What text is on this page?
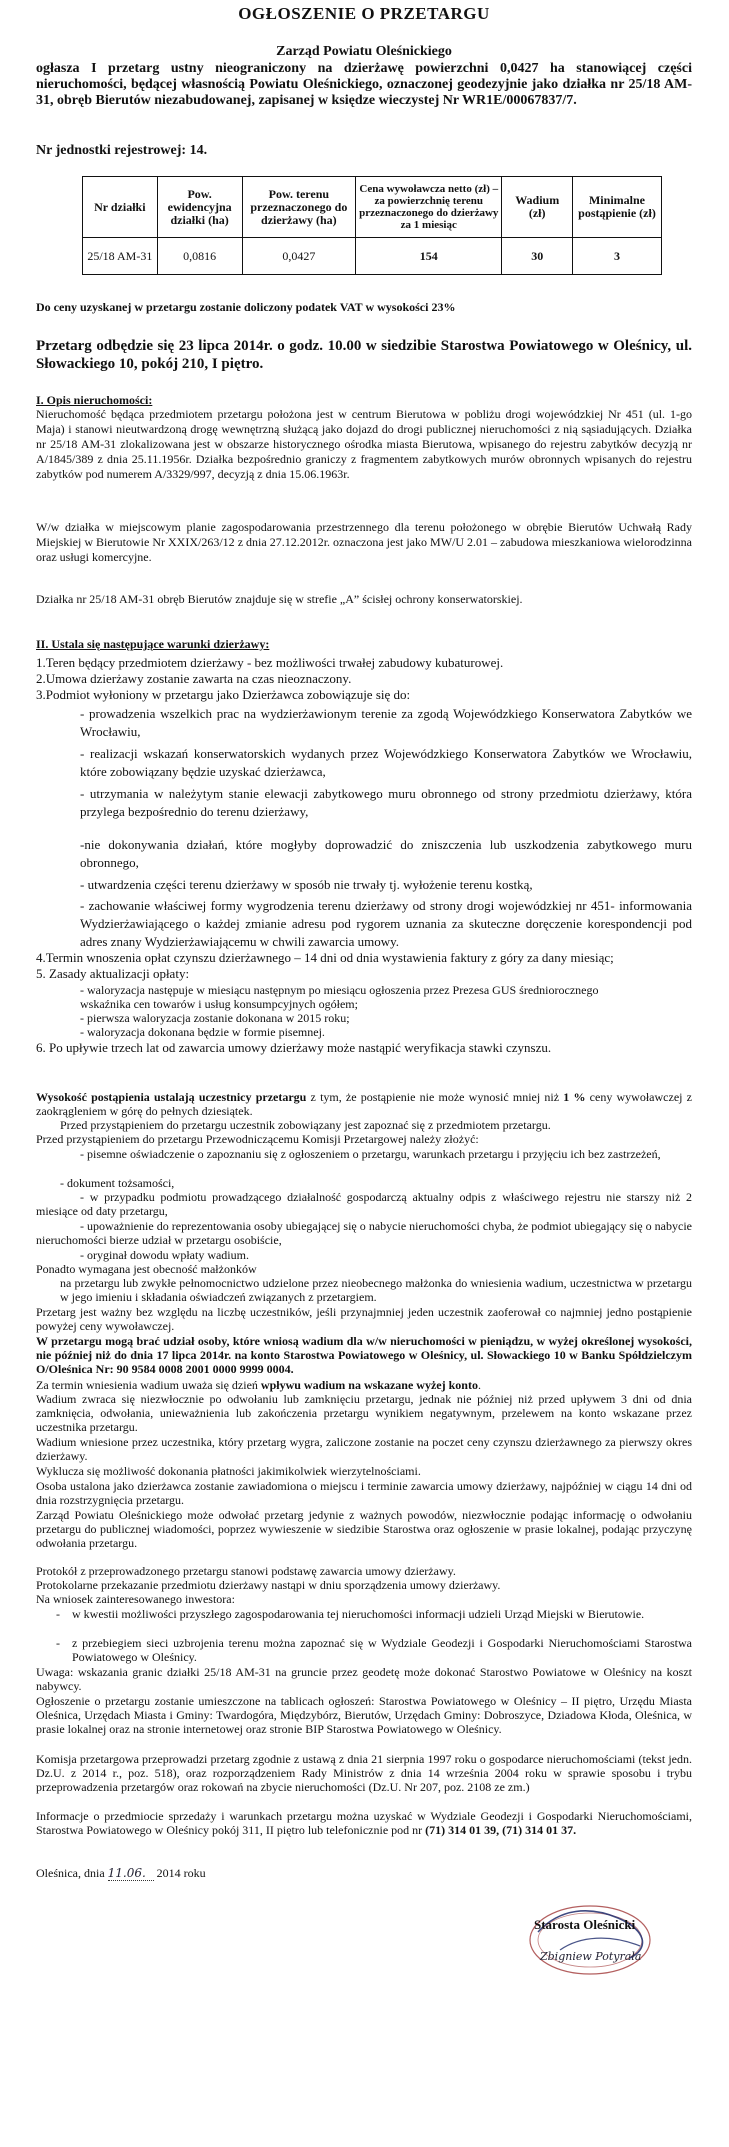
OGŁOSZENIE O PRZETARGU
Zarząd Powiatu Oleśnickiego
ogłasza I przetarg ustny nieograniczony na dzierżawę powierzchni 0,0427 ha stanowiącej części nieruchomości, będącej własnością Powiatu Oleśnickiego, oznaczonej geodezyjnie jako działka nr 25/18 AM-31, obręb Bierutów niezabudowanej, zapisanej w księdze wieczystej Nr WR1E/00067837/7.
Nr jednostki rejestrowej: 14.
Nr działki	Pow. ewidencyjna działki (ha)	Pow. terenu przeznaczonego do dzierżawy (ha)	Cena wywoławcza netto (zł) – za powierzchnię terenu przeznaczonego do dzierżawy za 1 miesiąc	Wadium (zł)	Minimalne postąpienie (zł)
25/18 AM-31	0,0816	0,0427	154	30	3
Do ceny uzyskanej w przetargu zostanie doliczony podatek VAT w wysokości 23%
Przetarg odbędzie się 23 lipca 2014r. o godz. 10.00 w siedzibie Starostwa Powiatowego w Oleśnicy, ul. Słowackiego 10, pokój 210, I piętro.
I. Opis nieruchomości:
Nieruchomość będąca przedmiotem przetargu położona jest w centrum Bierutowa w pobliżu drogi wojewódzkiej Nr 451 (ul. 1-go Maja) i stanowi nieutwardzoną drogę wewnętrzną służącą jako dojazd do drogi publicznej nieruchomości z nią sąsiadujących. Działka nr 25/18 AM-31 zlokalizowana jest w obszarze historycznego ośrodka miasta Bierutowa, wpisanego do rejestru zabytków decyzją nr A/1845/389 z dnia 25.11.1956r. Działka bezpośrednio graniczy z fragmentem zabytkowych murów obronnych wpisanych do rejestru zabytków pod numerem A/3329/997, decyzją z dnia 15.06.1963r.
W/w działka w miejscowym planie zagospodarowania przestrzennego dla terenu położonego w obrębie Bierutów Uchwałą Rady Miejskiej w Bierutowie Nr XXIX/263/12 z dnia 27.12.2012r. oznaczona jest jako MW/U 2.01 – zabudowa mieszkaniowa wielorodzinna oraz usługi komercyjne.
Działka nr 25/18 AM-31 obręb Bierutów znajduje się w strefie „A” ścisłej ochrony konserwatorskiej.
II. Ustala się następujące warunki dzierżawy:
1.Teren będący przedmiotem dzierżawy - bez możliwości trwałej zabudowy kubaturowej.
2.Umowa dzierżawy zostanie zawarta na czas nieoznaczony.
3.Podmiot wyłoniony w przetargu jako Dzierżawca zobowiązuje się do:
- prowadzenia wszelkich prac na wydzierżawionym terenie za zgodą Wojewódzkiego Konserwatora Zabytków we Wrocławiu,
- realizacji wskazań konserwatorskich wydanych przez Wojewódzkiego Konserwatora Zabytków we Wrocławiu, które zobowiązany będzie uzyskać dzierżawca,
- utrzymania w należytym stanie elewacji zabytkowego muru obronnego od strony przedmiotu dzierżawy, która przylega bezpośrednio do terenu dzierżawy,
-nie dokonywania działań, które mogłyby doprowadzić do zniszczenia lub uszkodzenia zabytkowego muru obronnego,
- utwardzenia części terenu dzierżawy w sposób nie trwały tj. wyłożenie terenu kostką,
- zachowanie właściwej formy wygrodzenia terenu dzierżawy od strony drogi wojewódzkiej nr 451- informowania Wydzierżawiającego o każdej zmianie adresu pod rygorem uznania za skuteczne doręczenie korespondencji pod adres znany Wydzierżawiającemu w chwili zawarcia umowy.
4.Termin wnoszenia opłat czynszu dzierżawnego – 14 dni od dnia wystawienia faktury z góry za dany miesiąc;
5. Zasady aktualizacji opłaty:
- waloryzacja następuje w miesiącu następnym po miesiącu ogłoszenia przez Prezesa GUS średniorocznego wskaźnika cen towarów i usług konsumpcyjnych ogółem;
- pierwsza waloryzacja zostanie dokonana w 2015 roku;
- waloryzacja dokonana będzie w formie pisemnej.
6. Po upływie trzech lat od zawarcia umowy dzierżawy może nastąpić weryfikacja stawki czynszu.
Wysokość postąpienia ustalają uczestnicy przetargu z tym, że postąpienie nie może wynosić mniej niż 1 % ceny wywoławczej z zaokrągleniem w górę do pełnych dziesiątek.
Przed przystąpieniem do przetargu uczestnik zobowiązany jest zapoznać się z przedmiotem przetargu.
Przed przystąpieniem do przetargu Przewodniczącemu Komisji Przetargowej należy złożyć:
- pisemne oświadczenie o zapoznaniu się z ogłoszeniem o przetargu, warunkach przetargu i przyjęciu ich bez zastrzeżeń,
- dokument tożsamości,
- w przypadku podmiotu prowadzącego działalność gospodarczą aktualny odpis z właściwego rejestru nie starszy niż 2 miesiące od daty przetargu,
- upoważnienie do reprezentowania osoby ubiegającej się o nabycie nieruchomości chyba, że podmiot ubiegający się o nabycie nieruchomości bierze udział w przetargu osobiście,
- oryginał dowodu wpłaty wadium.
Ponadto wymagana jest obecność małżonków
na przetargu lub zwykłe pełnomocnictwo udzielone przez nieobecnego małżonka do wniesienia wadium, uczestnictwa w przetargu w jego imieniu i składania oświadczeń związanych z przetargiem.
Przetarg jest ważny bez względu na liczbę uczestników, jeśli przynajmniej jeden uczestnik zaoferował co najmniej jedno postąpienie powyżej ceny wywoławczej.
W przetargu mogą brać udział osoby, które wniosą wadium dla w/w nieruchomości w pieniądzu, w wyżej określonej wysokości, nie później niż do dnia 17 lipca 2014r. na konto Starostwa Powiatowego w Oleśnicy, ul. Słowackiego 10 w Banku Spółdzielczym O/Oleśnica Nr: 90 9584 0008 2001 0000 9999 0004.
Za termin wniesienia wadium uważa się dzień wpływu wadium na wskazane wyżej konto.
Wadium zwraca się niezwłocznie po odwołaniu lub zamknięciu przetargu, jednak nie później niż przed upływem 3 dni od dnia zamknięcia, odwołania, unieważnienia lub zakończenia przetargu wynikiem negatywnym, przelewem na konto wskazane przez uczestnika przetargu.
Wadium wniesione przez uczestnika, który przetarg wygra, zaliczone zostanie na poczet ceny czynszu dzierżawnego za pierwszy okres dzierżawy.
Wyklucza się możliwość dokonania płatności jakimikolwiek wierzytelnościami.
Osoba ustalona jako dzierżawca zostanie zawiadomiona o miejscu i terminie zawarcia umowy dzierżawy, najpóźniej w ciągu 14 dni od dnia rozstrzygnięcia przetargu.
Zarząd Powiatu Oleśnickiego może odwołać przetarg jedynie z ważnych powodów, niezwłocznie podając informację o odwołaniu przetargu do publicznej wiadomości, poprzez wywieszenie w siedzibie Starostwa oraz ogłoszenie w prasie lokalnej, podając przyczynę odwołania przetargu.
Protokół z przeprowadzonego przetargu stanowi podstawę zawarcia umowy dzierżawy.
Protokolarne przekazanie przedmiotu dzierżawy nastąpi w dniu sporządzenia umowy dzierżawy.
Na wniosek zainteresowanego inwestora:
- w kwestii możliwości przyszłego zagospodarowania tej nieruchomości informacji udzieli Urząd Miejski w Bierutowie.
- z przebiegiem sieci uzbrojenia terenu można zapoznać się w Wydziale Geodezji i Gospodarki Nieruchomościami Starostwa Powiatowego w Oleśnicy.
Uwaga: wskazania granic działki 25/18 AM-31 na gruncie przez geodetę może dokonać Starostwo Powiatowe w Oleśnicy na koszt nabywcy.
Ogłoszenie o przetargu zostanie umieszczone na tablicach ogłoszeń: Starostwa Powiatowego w Oleśnicy – II piętro, Urzędu Miasta Oleśnica, Urzędach Miasta i Gminy: Twardogóra, Międzybórz, Bierutów, Urzędach Gminy: Dobroszyce, Dziadowa Kłoda, Oleśnica, w prasie lokalnej oraz na stronie internetowej oraz stronie BIP Starostwa Powiatowego w Oleśnicy.
Komisja przetargowa przeprowadzi przetarg zgodnie z ustawą z dnia 21 sierpnia 1997 roku o gospodarce nieruchomościami (tekst jedn. Dz.U. z 2014 r., poz. 518), oraz rozporządzeniem Rady Ministrów z dnia 14 września 2004 roku w sprawie sposobu i trybu przeprowadzenia przetargów oraz rokowań na zbycie nieruchomości (Dz.U. Nr 207, poz. 2108 ze zm.)
Informacje o przedmiocie sprzedaży i warunkach przetargu można uzyskać w Wydziale Geodezji i Gospodarki Nieruchomościami, Starostwa Powiatowego w Oleśnicy pokój 311, II piętro lub telefonicznie pod nr (71) 314 01 39, (71) 314 01 37.
Oleśnica, dnia 11.06. 2014 roku
Starosta Oleśnicki
Zbigniew Potyrała
